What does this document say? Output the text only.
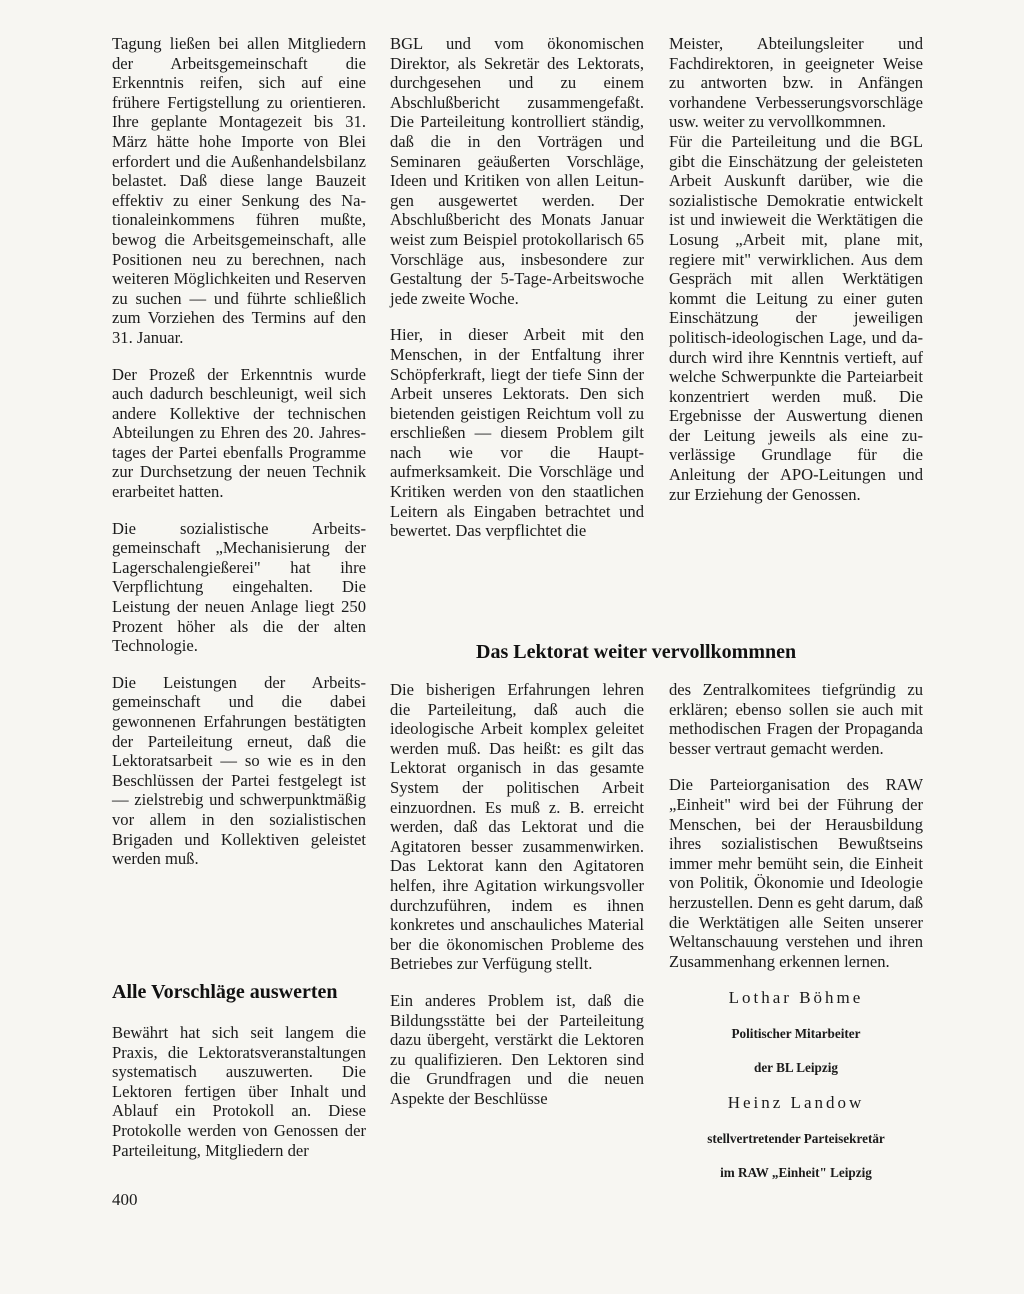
Tagung ließen bei allen Mitgliedern der Arbeitsgemeinschaft die Erkenntnis reifen, sich auf eine frühere Fertigstellung zu orientieren. Ihre geplante Montagezeit bis 31. März hätte hohe Importe von Blei erfordert und die Außenhandelsbilanz belastet. Daß diese lange Bauzeit effektiv zu einer Senkung des Nationaleinkommens führen mußte, bewog die Arbeitsgemeinschaft, alle Positionen neu zu berechnen, nach weiteren Möglichkeiten und Reserven zu suchen — und führte schließlich zum Vorziehen des Termins auf den 31. Januar.

Der Prozeß der Erkenntnis wurde auch dadurch beschleunigt, weil sich andere Kollektive der technischen Abteilungen zu Ehren des 20. Jahrestages der Partei ebenfalls Programme zur Durchsetzung der neuen Technik erarbeitet hatten.

Die sozialistische Arbeitsgemeinschaft „Mechanisierung der Lagerschalengießerei" hat ihre Verpflichtung eingehalten. Die Leistung der neuen Anlage liegt 250 Prozent höher als die der alten Technologie.

Die Leistungen der Arbeitsgemeinschaft und die dabei gewonnenen Erfahrungen bestätigten der Parteileitung erneut, daß die Lektoratsarbeit — so wie es in den Beschlüssen der Partei festgelegt ist — zielstrebig und schwerpunktmäßig vor allem in den sozialistischen Brigaden und Kollektiven geleistet werden muß.

BGL und vom ökonomischen Direktor, als Sekretär des Lektorats, durchgesehen und zu einem Abschlußbericht zusammengefaßt. Die Parteileitung kontrolliert ständig, daß die in den Vorträgen und Seminaren geäußerten Vorschläge, Ideen und Kritiken von allen Leitungen ausgewertet werden. Der Abschlußbericht des Monats Januar weist zum Beispiel protokollarisch 65 Vorschläge aus, insbesondere zur Gestaltung der 5-Tage-Arbeitswoche jede zweite Woche.

Hier, in dieser Arbeit mit den Menschen, in der Entfaltung ihrer Schöpferkraft, liegt der tiefe Sinn der Arbeit unseres Lektorats. Den sich bietenden geistigen Reichtum voll zu erschließen — diesem Problem gilt nach wie vor die Hauptaufmerksamkeit. Die Vorschläge und Kritiken werden von den staatlichen Leitern als Eingaben betrachtet und bewertet. Das verpflichtet die

Meister, Abteilungsleiter und Fachdirektoren, in geeigneter Weise zu antworten bzw. in Anfängen vorhandene Verbesserungsvorschläge usw. weiter zu vervollkommnen.

Für die Parteileitung und die BGL gibt die Einschätzung der geleisteten Arbeit Auskunft darüber, wie die sozialistische Demokratie entwickelt ist und inwieweit die Werktätigen die Losung „Arbeit mit, plane mit, regiere mit" verwirklichen. Aus dem Gespräch mit allen Werktätigen kommt die Leitung zu einer guten Einschätzung der jeweiligen politisch-ideologischen Lage, und dadurch wird ihre Kenntnis vertieft, auf welche Schwerpunkte die Parteiarbeit konzentriert werden muß. Die Ergebnisse der Auswertung dienen der Leitung jeweils als eine zuverlässige Grundlage für die Anleitung der APO-Leitungen und zur Erziehung der Genossen.

Das Lektorat weiter vervollkommnen
Alle Vorschläge auswerten

Bewährt hat sich seit langem die Praxis, die Lektoratsveranstaltungen systematisch auszuwerten. Die Lektoren fertigen über Inhalt und Ablauf ein Protokoll an. Diese Protokolle werden von Genossen der Parteileitung, Mitgliedern der

Die bisherigen Erfahrungen lehren die Parteileitung, daß auch die ideologische Arbeit komplex geleitet werden muß. Das heißt: es gilt das Lektorat organisch in das gesamte System der politischen Arbeit einzuordnen. Es muß z. B. erreicht werden, daß das Lektorat und die Agitatoren besser zusammenwirken. Das Lektorat kann den Agitatoren helfen, ihre Agitation wirkungsvoller durchzuführen, indem es ihnen konkretes und anschauliches Material ber die ökonomischen Probleme des Betriebes zur Verfügung stellt.

Ein anderes Problem ist, daß die Bildungsstätte bei der Parteileitung dazu übergeht, verstärkt die Lektoren zu qualifizieren. Den Lektoren sind die Grundfragen und die neuen Aspekte der Beschlüsse

des Zentralkomitees tiefgründig zu erklären; ebenso sollen sie auch mit methodischen Fragen der Propaganda besser vertraut gemacht werden.

Die Parteiorganisation des RAW „Einheit" wird bei der Führung der Menschen, bei der Herausbildung ihres sozialistischen Bewußtseins immer mehr bemüht sein, die Einheit von Politik, Ökonomie und Ideologie herzustellen. Denn es geht darum, daß die Werktätigen alle Seiten unserer Weltanschauung verstehen und ihren Zusammenhang erkennen lernen.

Lothar Böhme

Politischer Mitarbeiter

der BL Leipzig

Heinz Landow

stellvertretender Parteisekretär

im RAW „Einheit" Leipzig

400
